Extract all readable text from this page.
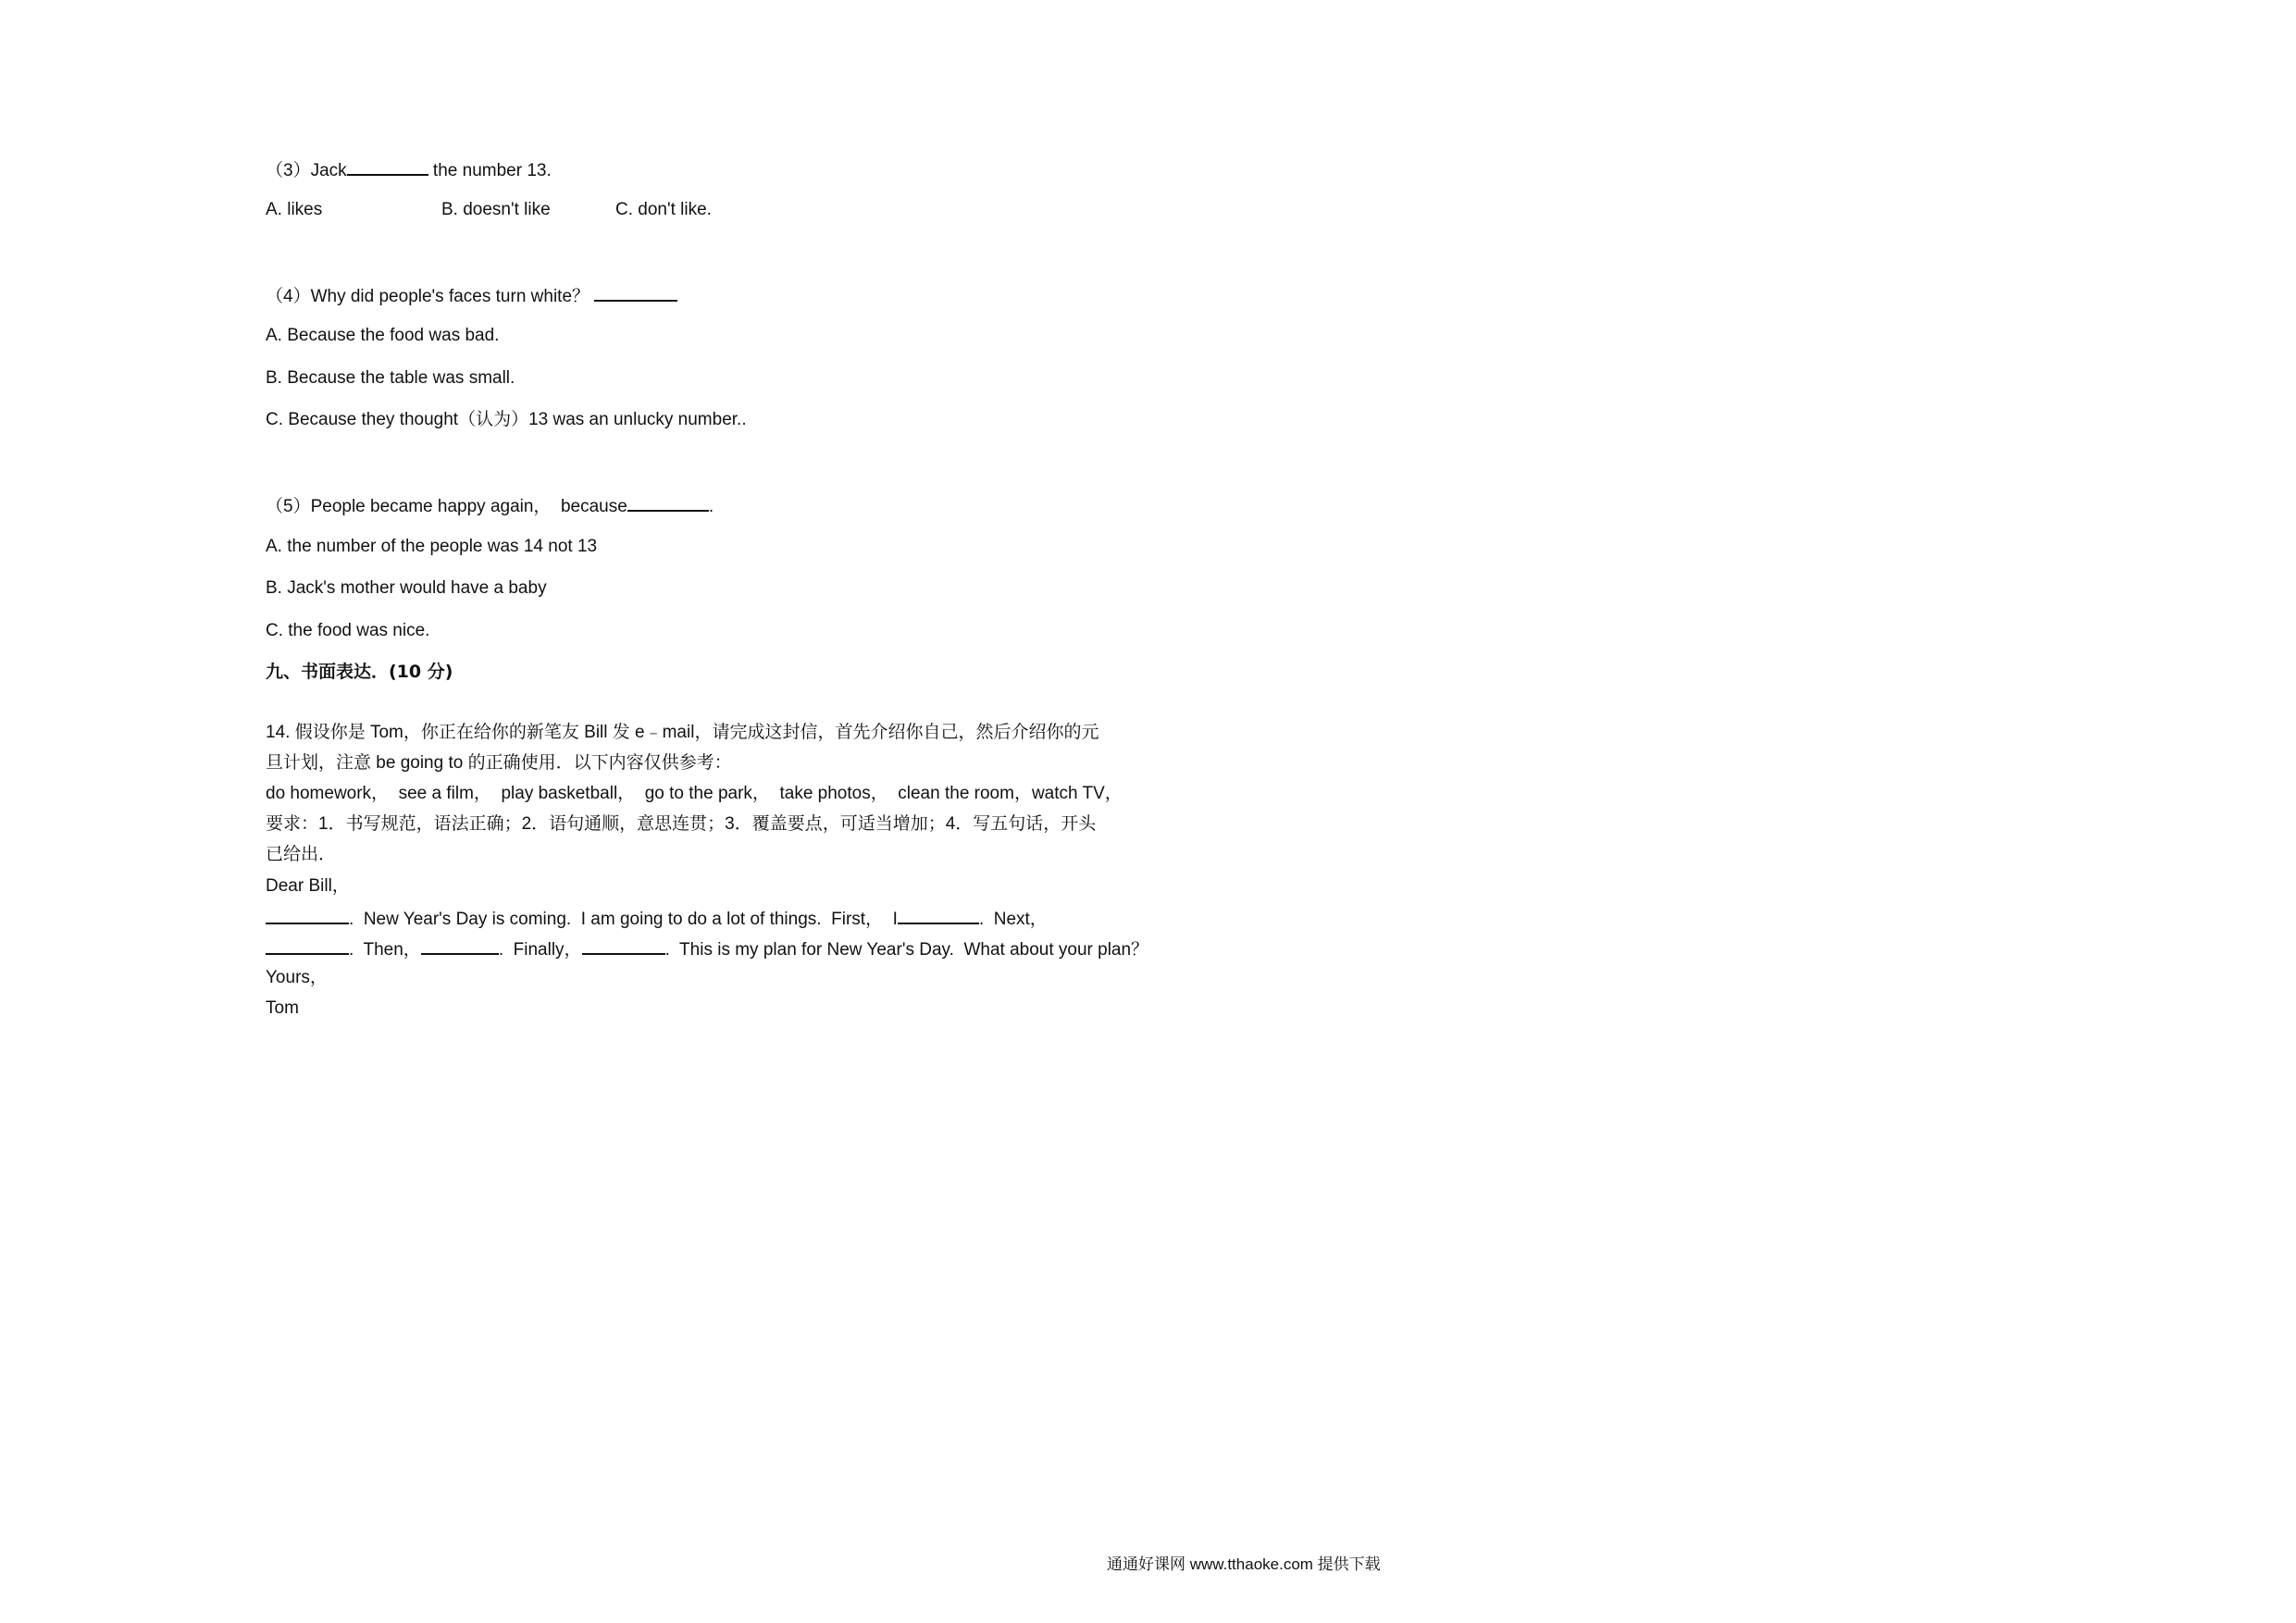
（3）Jack	the number 13.
A. likes	B. doesn't like	C. don't like.
（4）Why did people's faces turn white？
A. Because the food was bad.
B. Because the table was small.
C. Because they thought（认为）13 was an unlucky number..
（5）People became happy again，  because	.
A. the number of the people was 14 not 13
B. Jack's mother would have a baby
C. the food was nice.
九、书面表达．(10 分)
14. 假设你是 Tom，你正在给你的新笔友 Bill 发 e﹣mail，请完成这封信，首先介绍你自己，然后介绍你的元
旦计划，注意 be going to 的正确使用．以下内容仅供参考：
do homework，  see a film，  play basketball，  go to the park，  take photos，  clean the room，watch TV，
要求：1．书写规范，语法正确；2．语句通顺，意思连贯；3．覆盖要点，可适当增加；4．写五句话，开头
已给出．
Dear Bill，
.  New Year's Day is coming.  I am going to do a lot of things.  First，  I	.  Next，
.  Then，	.  Finally，	.  This is my plan for New Year's Day.  What about your plan？
Yours，
Tom
通通好课网 www.tthaoke.com 提供下载
